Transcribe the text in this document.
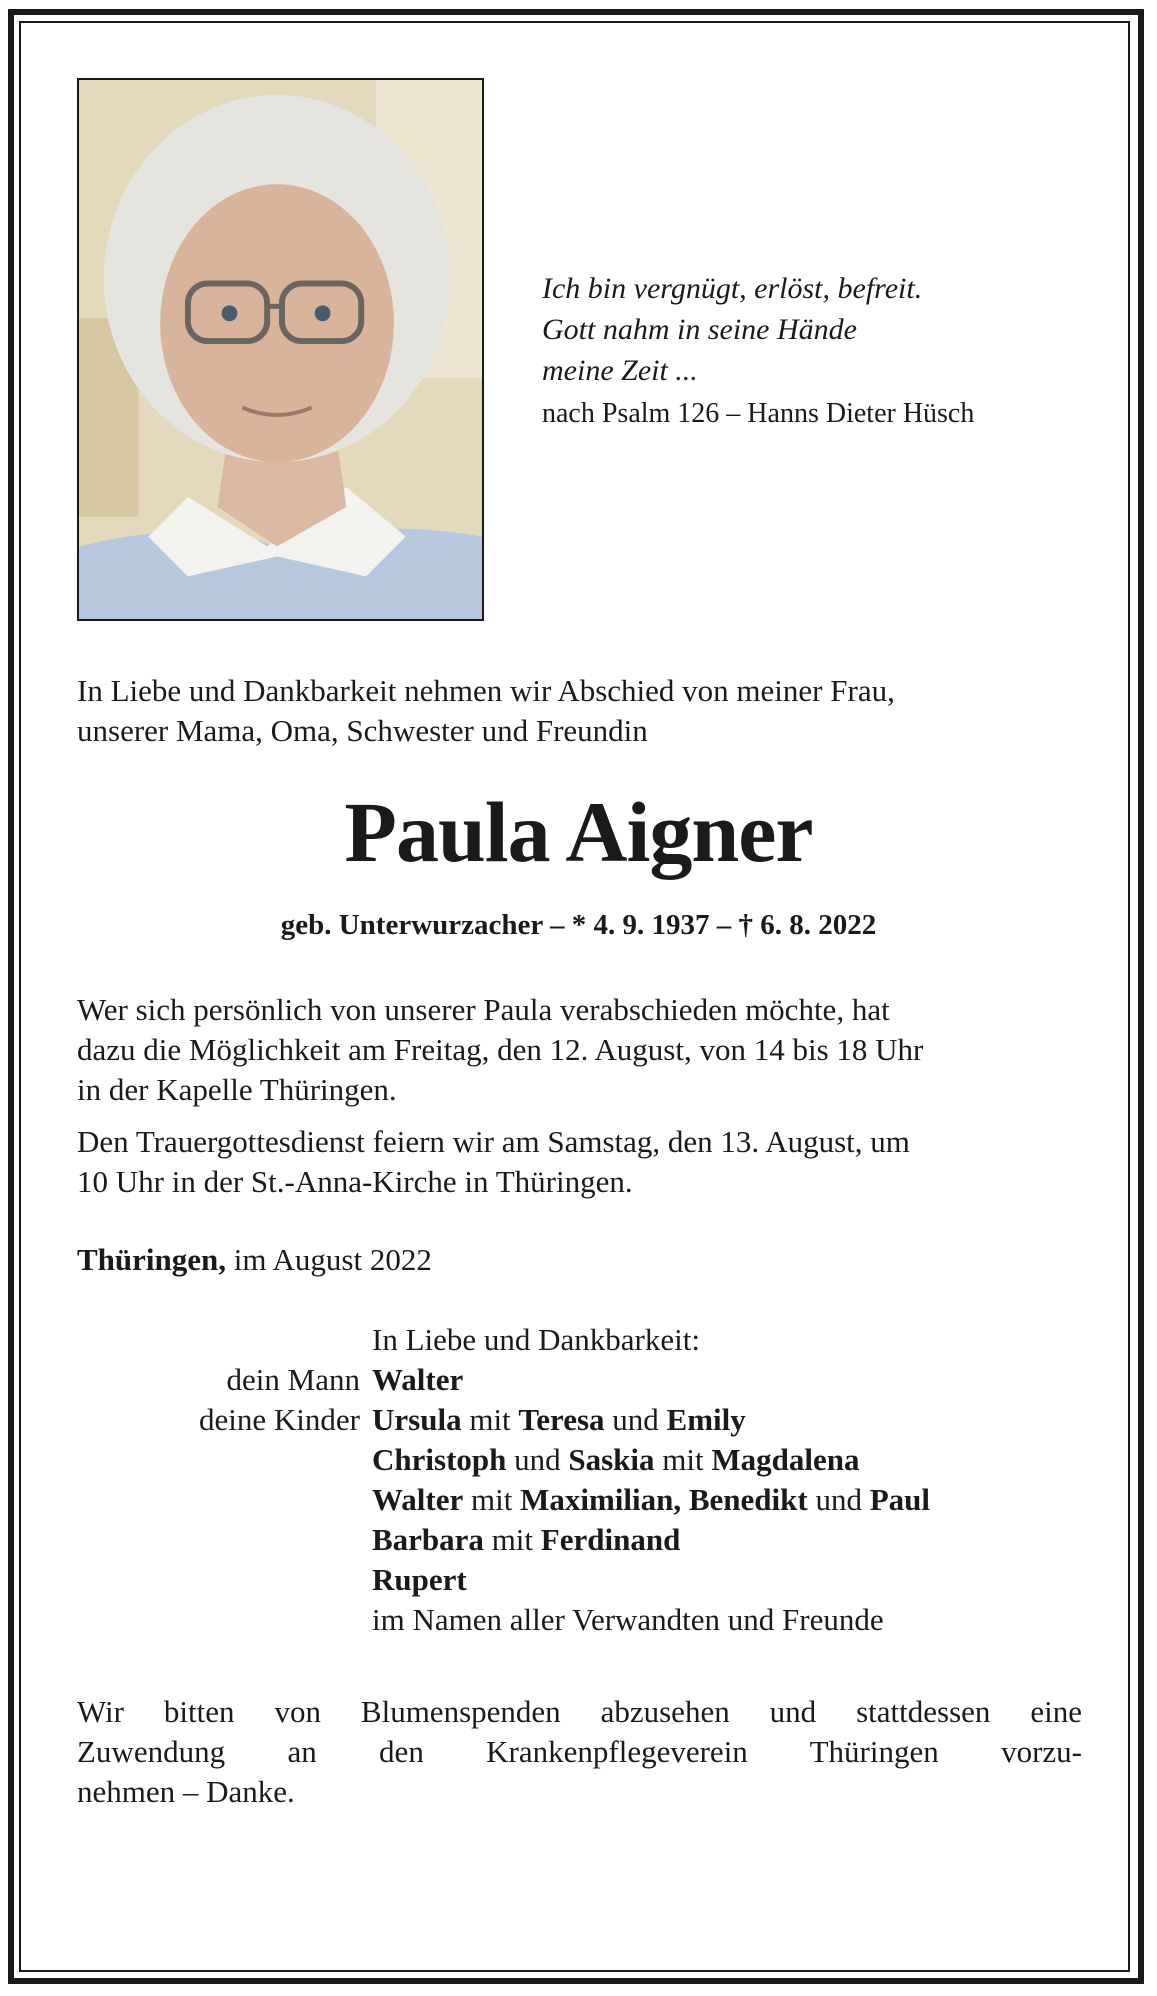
Ich bin vergnügt, erlöst, befreit.
Gott nahm in seine Hände
meine Zeit ...
nach Psalm 126 – Hanns Dieter Hüsch
In Liebe und Dankbarkeit nehmen wir Abschied von meiner Frau,
unserer Mama, Oma, Schwester und Freundin
Paula Aigner
geb. Unterwurzacher – * 4. 9. 1937 – † 6. 8. 2022
Wer sich persönlich von unserer Paula verabschieden möchte, hat
dazu die Möglichkeit am Freitag, den 12. August, von 14 bis 18 Uhr
in der Kapelle Thüringen.
Den Trauergottesdienst feiern wir am Samstag, den 13. August, um
10 Uhr in der St.-Anna-Kirche in Thüringen.
Thüringen, im August 2022
In Liebe und Dankbarkeit:
dein Mann Walter
deine Kinder Ursula mit Teresa und Emily
Christoph und Saskia mit Magdalena
Walter mit Maximilian, Benedikt und Paul
Barbara mit Ferdinand
Rupert
im Namen aller Verwandten und Freunde
Wir bitten von Blumenspenden abzusehen und stattdessen eine
Zuwendung an den Krankenpflegeverein Thüringen vorzu-
nehmen – Danke.
